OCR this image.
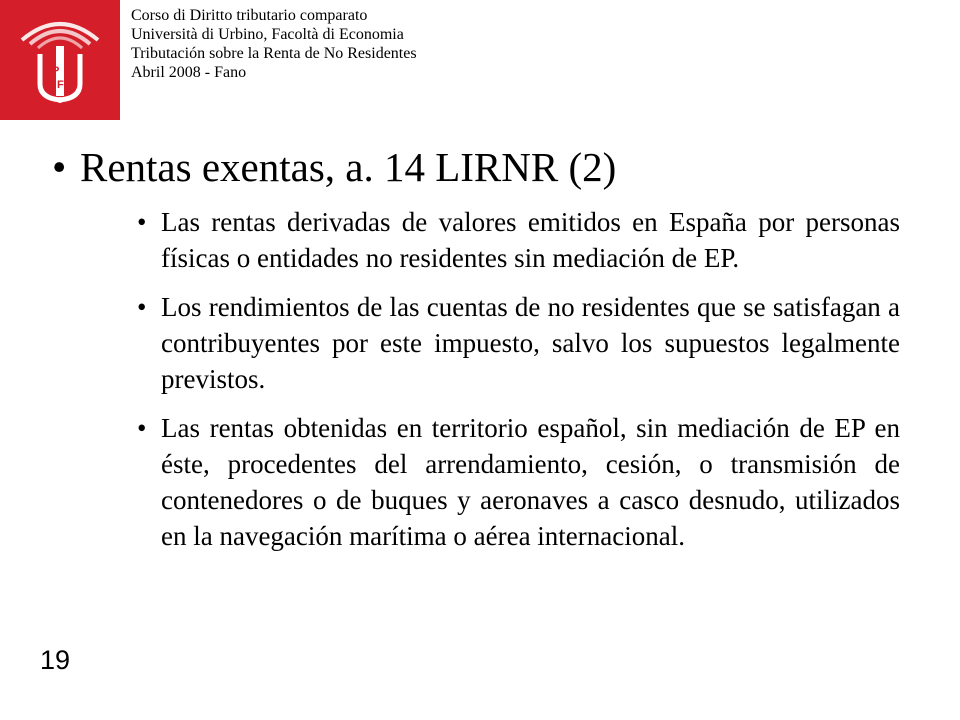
P
F
Corso di Diritto tributario comparato
Università di Urbino, Facoltà di Economia
Tributación sobre la Renta de No Residentes
Abril 2008 - Fano
• Rentas exentas, a. 14 LIRNR (2)
• Las rentas derivadas de valores emitidos en España por personas físicas o entidades no residentes sin mediación de EP.
• Los rendimientos de las cuentas de no residentes que se satisfagan a contribuyentes por este impuesto, salvo los supuestos legalmente previstos.
• Las rentas obtenidas en territorio español, sin mediación de EP en éste, procedentes del arrendamiento, cesión, o transmisión de contenedores o de buques y aeronaves a casco desnudo, utilizados en la navegación marítima o aérea internacional.
19
